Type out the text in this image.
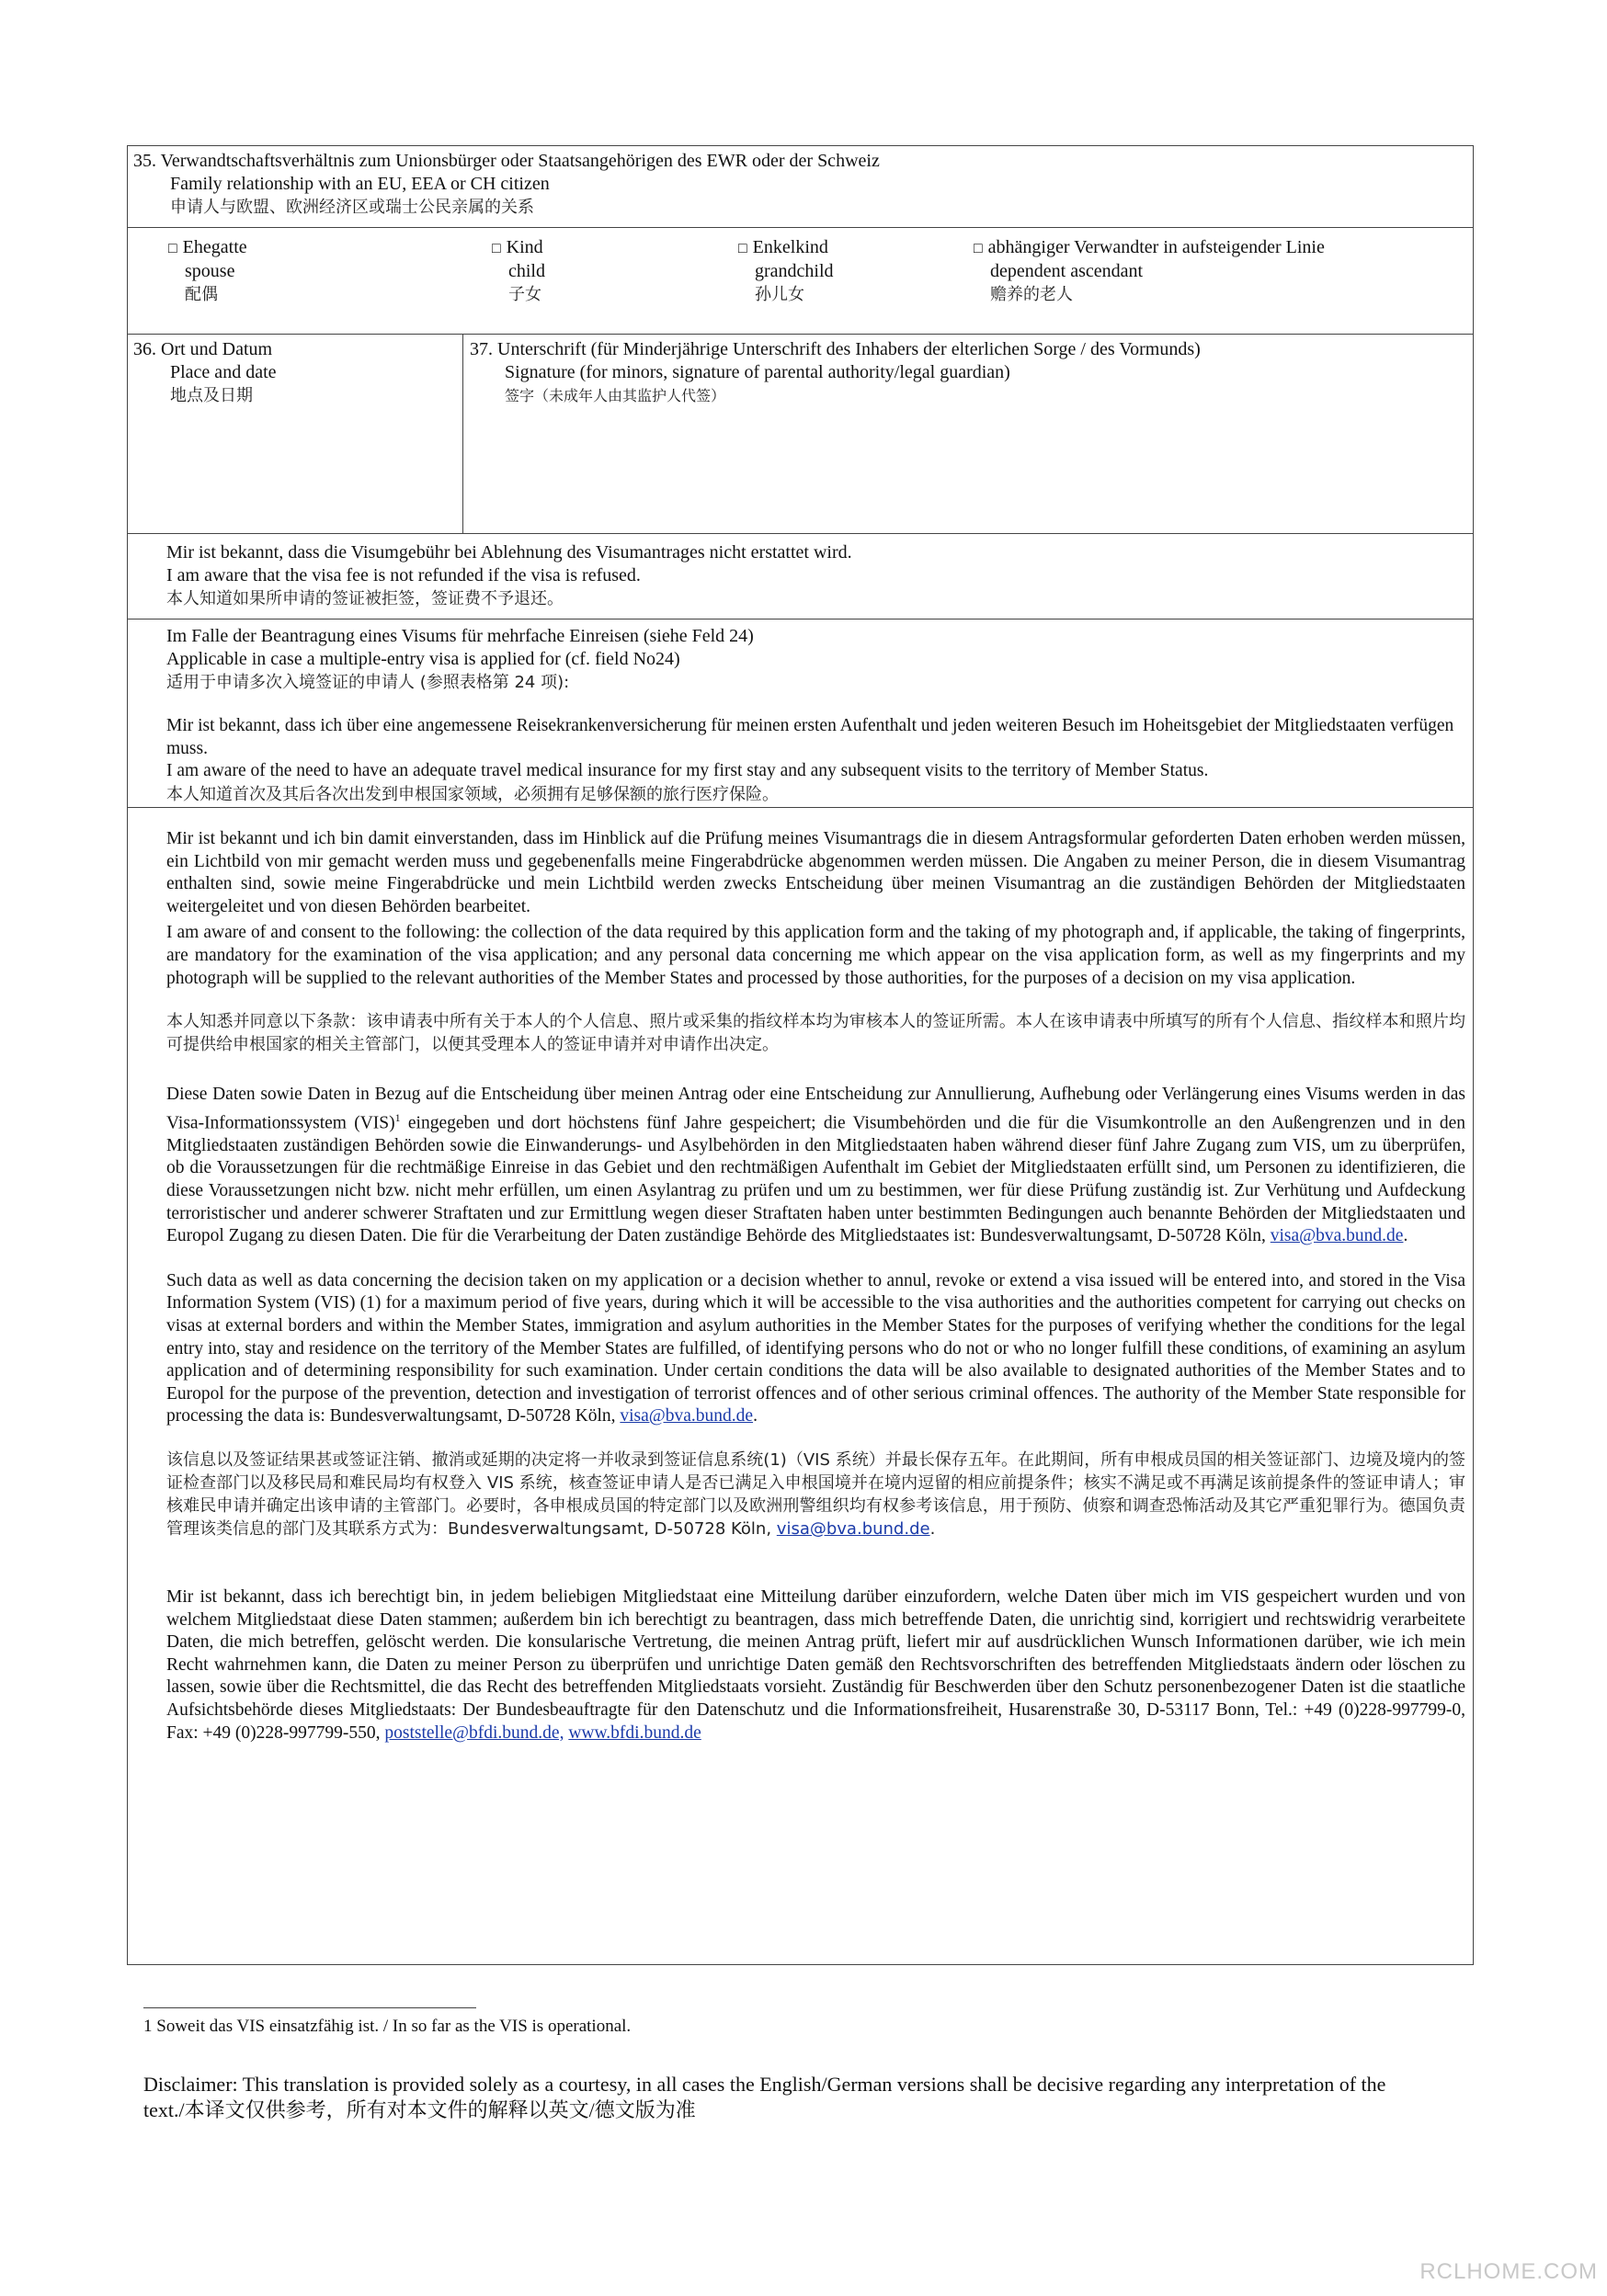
35. Verwandtschaftsverhältnis zum Unionsbürger oder Staatsangehörigen des EWR oder der Schweiz
Family relationship with an EU, EEA or CH citizen
申请人与欧盟、欧洲经济区或瑞士公民亲属的关系
□ Ehegatte
spouse
配偶
□ Kind
child
子女
□ Enkelkind
grandchild
孙儿女
□ abhängiger Verwandter in aufsteigender Linie
dependent ascendant
赡养的老人
36. Ort und Datum
Place and date
地点及日期
37. Unterschrift (für Minderjährige Unterschrift des Inhabers der elterlichen Sorge / des Vormunds)
Signature (for minors, signature of parental authority/legal guardian)
签字（未成年人由其监护人代签）
Mir ist bekannt, dass die Visumgebühr bei Ablehnung des Visumantrages nicht erstattet wird.
I am aware that the visa fee is not refunded if the visa is refused.
本人知道如果所申请的签证被拒签，签证费不予退还。
Im Falle der Beantragung eines Visums für mehrfache Einreisen (siehe Feld 24)
Applicable in case a multiple-entry visa is applied for (cf. field No24)
适用于申请多次入境签证的申请人 (参照表格第 24 项):
Mir ist bekannt, dass ich über eine angemessene Reisekrankenversicherung für meinen ersten Aufenthalt und jeden weiteren Besuch im Hoheitsgebiet der Mitgliedstaaten verfügen muss.
I am aware of the need to have an adequate travel medical insurance for my first stay and any subsequent visits to the territory of Member Status.
本人知道首次及其后各次出发到申根国家领域，必须拥有足够保额的旅行医疗保险。
Mir ist bekannt und ich bin damit einverstanden, dass im Hinblick auf die Prüfung meines Visumantrags die in diesem Antragsformular geforderten Daten erhoben werden müssen, ein Lichtbild von mir gemacht werden muss und gegebenenfalls meine Fingerabdrücke abgenommen werden müssen. Die Angaben zu meiner Person, die in diesem Visumantrag enthalten sind, sowie meine Fingerabdrücke und mein Lichtbild werden zwecks Entscheidung über meinen Visumantrag an die zuständigen Behörden der Mitgliedstaaten weitergeleitet und von diesen Behörden bearbeitet.
I am aware of and consent to the following: the collection of the data required by this application form and the taking of my photograph and, if applicable, the taking of fingerprints, are mandatory for the examination of the visa application; and any personal data concerning me which appear on the visa application form, as well as my fingerprints and my photograph will be supplied to the relevant authorities of the Member States and processed by those authorities, for the purposes of a decision on my visa application.
本人知悉并同意以下条款：该申请表中所有关于本人的个人信息、照片或采集的指纹样本均为审核本人的签证所需。本人在该申请表中所填写的所有个人信息、指纹样本和照片均可提供给申根国家的相关主管部门，以便其受理本人的签证申请并对申请作出决定。
Diese Daten sowie Daten in Bezug auf die Entscheidung über meinen Antrag oder eine Entscheidung zur Annullierung, Aufhebung oder Verlängerung eines Visums werden in das Visa-Informationssystem (VIS)$^1$ eingegeben und dort höchstens fünf Jahre gespeichert; die Visumbehörden und die für die Visumkontrolle an den Außengrenzen und in den Mitgliedstaaten zuständigen Behörden sowie die Einwanderungs- und Asylbehörden in den Mitgliedstaaten haben während dieser fünf Jahre Zugang zum VIS, um zu überprüfen, ob die Voraussetzungen für die rechtmäßige Einreise in das Gebiet und den rechtmäßigen Aufenthalt im Gebiet der Mitgliedstaaten erfüllt sind, um Personen zu identifizieren, die diese Voraussetzungen nicht bzw. nicht mehr erfüllen, um einen Asylantrag zu prüfen und um zu bestimmen, wer für diese Prüfung zuständig ist. Zur Verhütung und Aufdeckung terroristischer und anderer schwerer Straftaten und zur Ermittlung wegen dieser Straftaten haben unter bestimmten Bedingungen auch benannte Behörden der Mitgliedstaaten und Europol Zugang zu diesen Daten. Die für die Verarbeitung der Daten zuständige Behörde des Mitgliedstaates ist: Bundesverwaltungsamt, D-50728 Köln, visa@bva.bund.de.
Such data as well as data concerning the decision taken on my application or a decision whether to annul, revoke or extend a visa issued will be entered into, and stored in the Visa Information System (VIS) (1) for a maximum period of five years, during which it will be accessible to the visa authorities and the authorities competent for carrying out checks on visas at external borders and within the Member States, immigration and asylum authorities in the Member States for the purposes of verifying whether the conditions for the legal entry into, stay and residence on the territory of the Member States are fulfilled, of identifying persons who do not or who no longer fulfill these conditions, of examining an asylum application and of determining responsibility for such examination. Under certain conditions the data will be also available to designated authorities of the Member States and to Europol for the purpose of the prevention, detection and investigation of terrorist offences and of other serious criminal offences. The authority of the Member State responsible for processing the data is: Bundesverwaltungsamt, D-50728 Köln, visa@bva.bund.de.
该信息以及签证结果甚或签证注销、撤消或延期的决定将一并收录到签证信息系统(1)（VIS 系统）并最长保存五年。在此期间，所有申根成员国的相关签证部门、边境及境内的签证检查部门以及移民局和难民局均有权登入 VIS 系统，核查签证申请人是否已满足入申根国境并在境内逗留的相应前提条件；核实不满足或不再满足该前提条件的签证申请人；审核难民申请并确定出该申请的主管部门。必要时，各申根成员国的特定部门以及欧洲刑警组织均有权参考该信息，用于预防、侦察和调查恐怖活动及其它严重犯罪行为。德国负责管理该类信息的部门及其联系方式为：Bundesverwaltungsamt, D-50728 Köln, visa@bva.bund.de.
Mir ist bekannt, dass ich berechtigt bin, in jedem beliebigen Mitgliedstaat eine Mitteilung darüber einzufordern, welche Daten über mich im VIS gespeichert wurden und von welchem Mitgliedstaat diese Daten stammen; außerdem bin ich berechtigt zu beantragen, dass mich betreffende Daten, die unrichtig sind, korrigiert und rechtswidrig verarbeitete Daten, die mich betreffen, gelöscht werden. Die konsularische Vertretung, die meinen Antrag prüft, liefert mir auf ausdrücklichen Wunsch Informationen darüber, wie ich mein Recht wahrnehmen kann, die Daten zu meiner Person zu überprüfen und unrichtige Daten gemäß den Rechtsvorschriften des betreffenden Mitgliedstaats ändern oder löschen zu lassen, sowie über die Rechtsmittel, die das Recht des betreffenden Mitgliedstaats vorsieht. Zuständig für Beschwerden über den Schutz personenbezogener Daten ist die staatliche Aufsichtsbehörde dieses Mitgliedstaats: Der Bundesbeauftragte für den Datenschutz und die Informationsfreiheit, Husarenstraße 30, D-53117 Bonn, Tel.: +49 (0)228-997799-0, Fax: +49 (0)228-997799-550, poststelle@bfdi.bund.de, www.bfdi.bund.de
1 Soweit das VIS einsatzfähig ist. / In so far as the VIS is operational.
Disclaimer: This translation is provided solely as a courtesy, in all cases the English/German versions shall be decisive regarding any interpretation of the text./本译文仅供参考，所有对本文件的解释以英文/德文版为准
RCLHOME.COM
